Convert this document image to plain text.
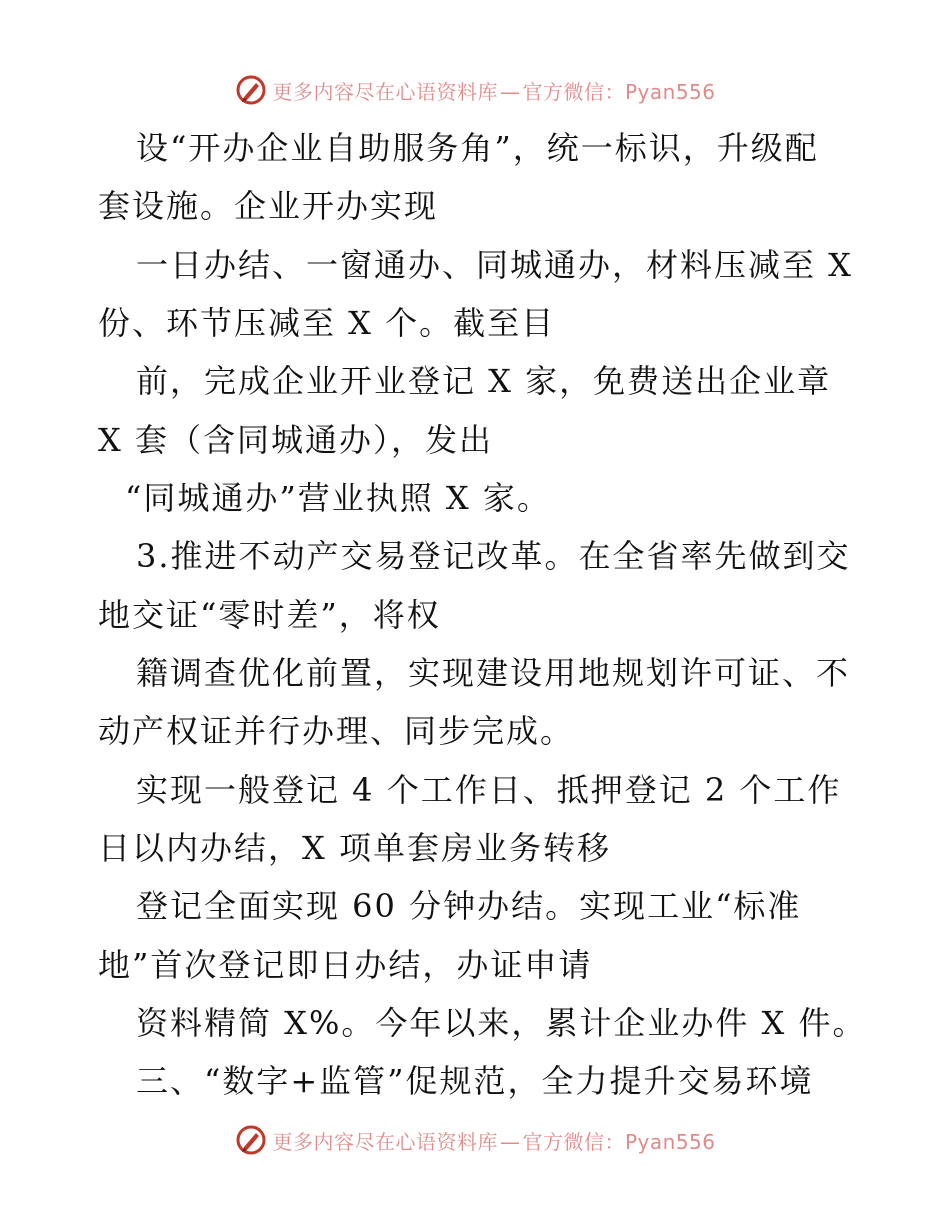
更多内容尽在心语资料库 — 官方微信：Pyan556
设“开办企业自助服务角”，统一标识，升级配
套设施。企业开办实现
一日办结、一窗通办、同城通办，材料压减至 X
份、环节压减至 X 个。截至目
前，完成企业开业登记 X 家，免费送出企业章
X 套（含同城通办），发出
“同城通办”营业执照 X 家。
3.推进不动产交易登记改革。在全省率先做到交
地交证“零时差”，将权
籍调查优化前置，实现建设用地规划许可证、不
动产权证并行办理、同步完成。
实现一般登记 4 个工作日、抵押登记 2 个工作
日以内办结，X 项单套房业务转移
登记全面实现 60 分钟办结。实现工业“标准
地”首次登记即日办结，办证申请
资料精简 X%。今年以来，累计企业办件 X 件。
三、“数字+监管”促规范，全力提升交易环境
更多内容尽在心语资料库 — 官方微信：Pyan556
